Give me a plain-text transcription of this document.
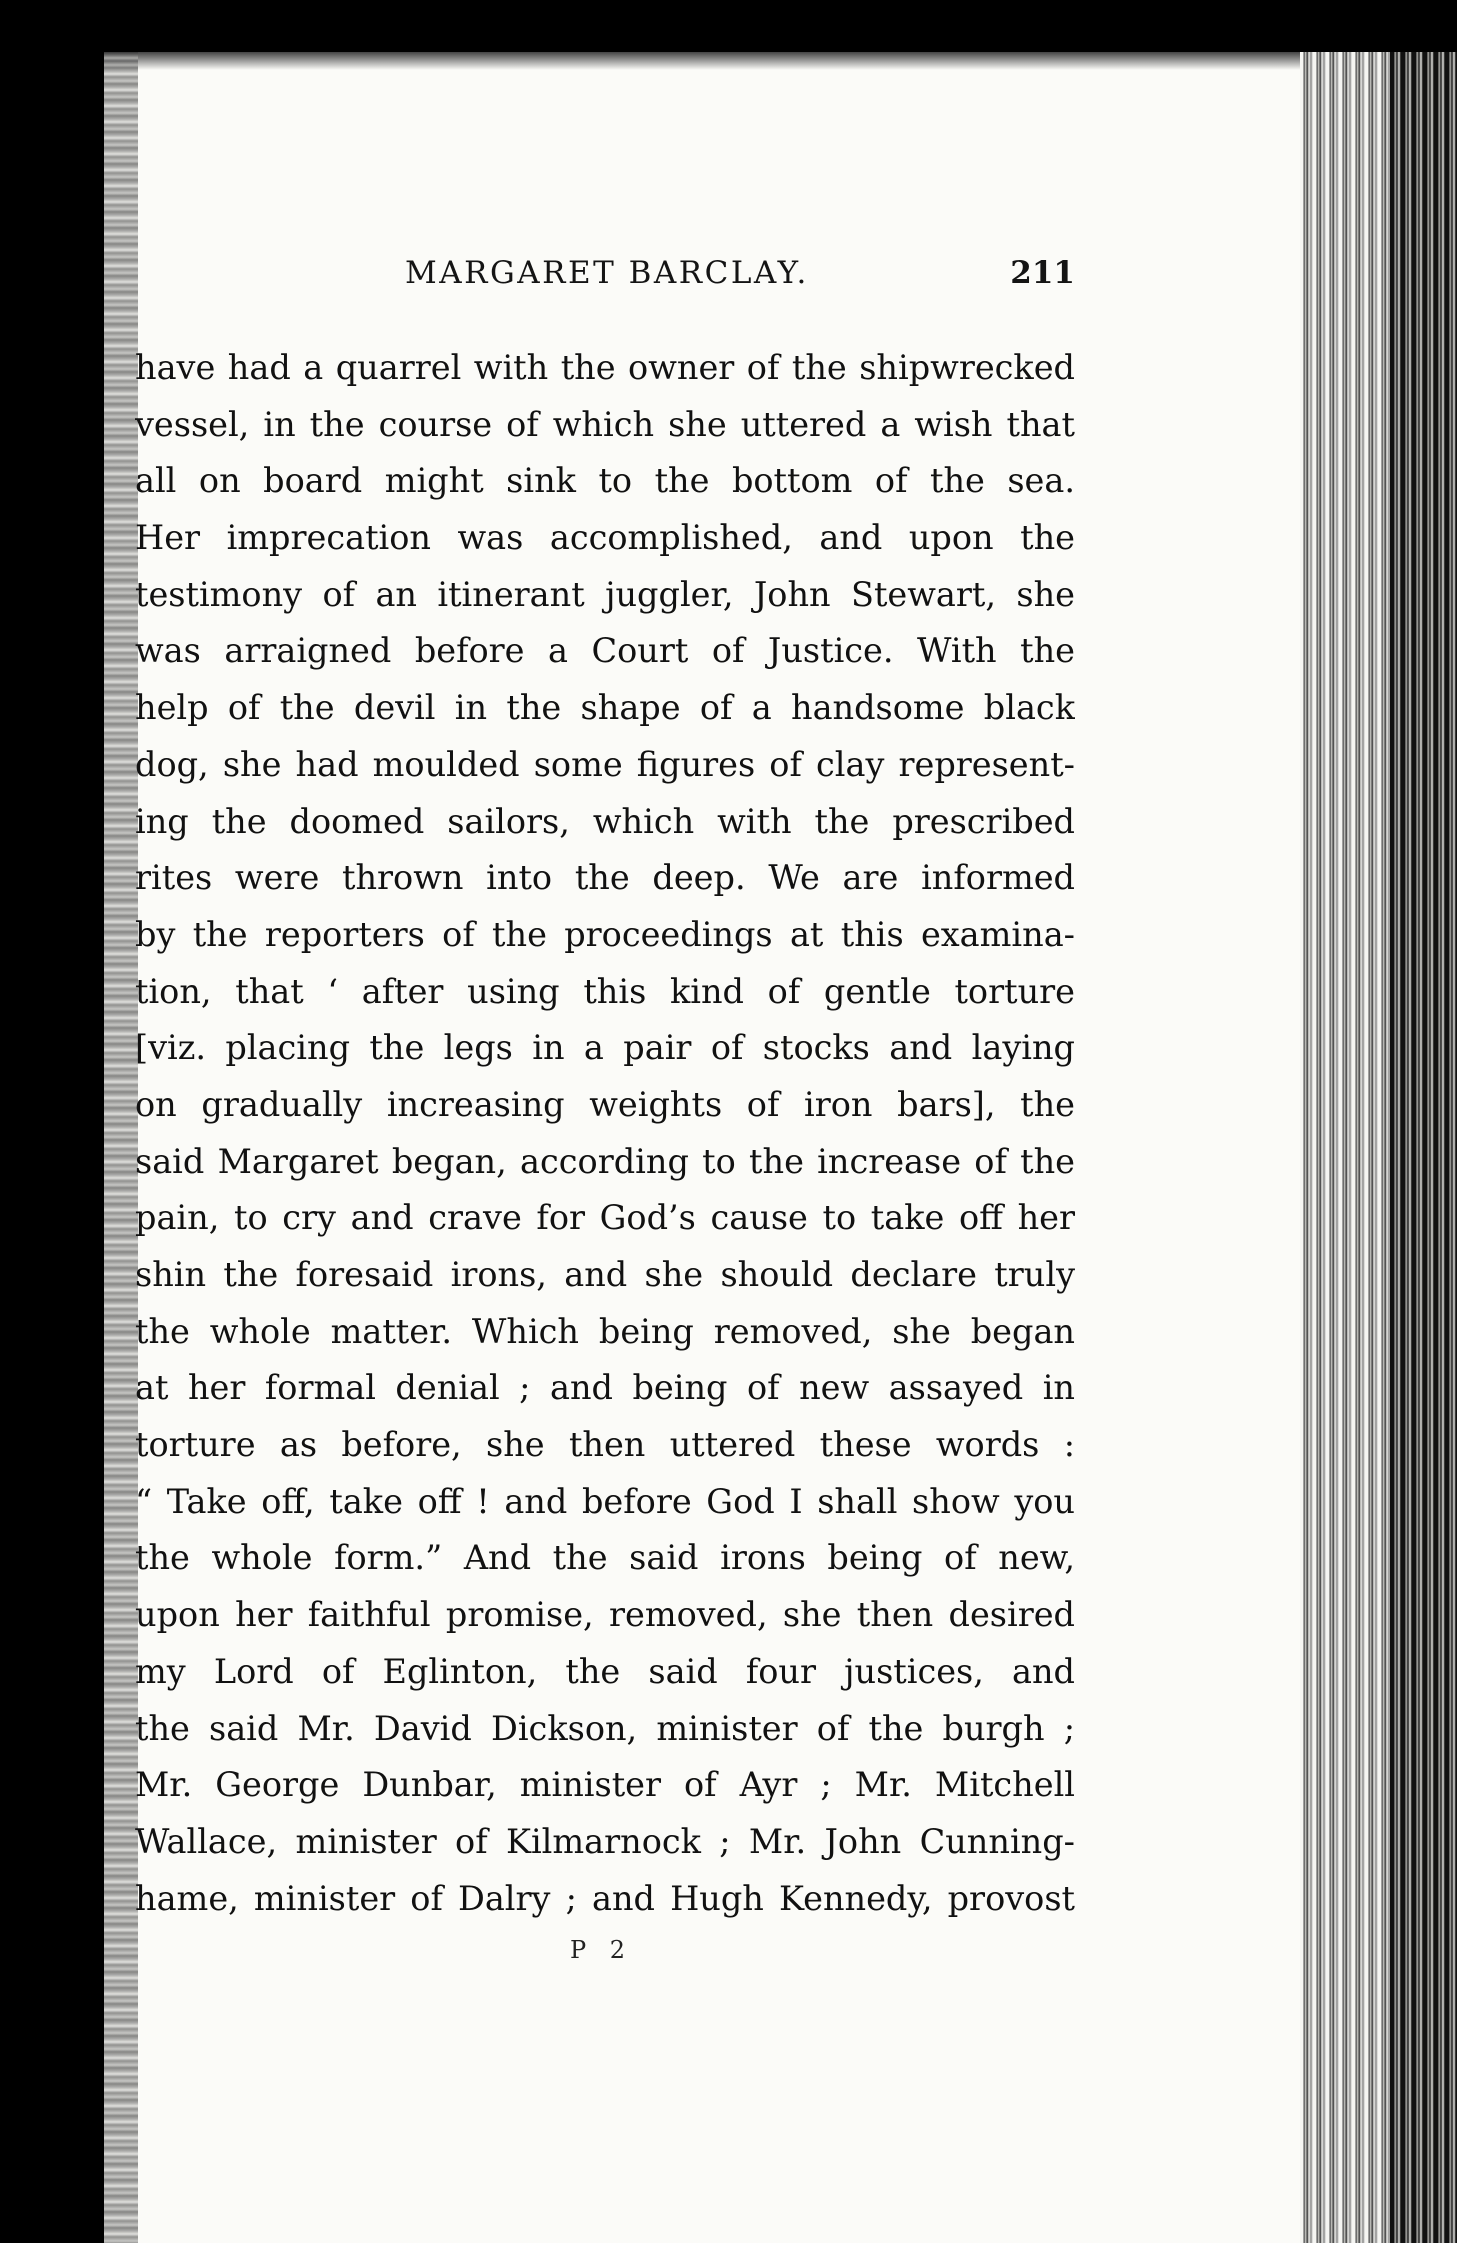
MARGARET BARCLAY.	211
have had a quarrel with the owner of the shipwrecked
vessel, in the course of which she uttered a wish that
all on board might sink to the bottom of the sea.
Her imprecation was accomplished, and upon the
testimony of an itinerant juggler, John Stewart, she
was arraigned before a Court of Justice. With the
help of the devil in the shape of a handsome black
dog, she had moulded some figures of clay represent-
ing the doomed sailors, which with the prescribed
rites were thrown into the deep. We are informed
by the reporters of the proceedings at this examina-
tion, that ‘ after using this kind of gentle torture
[viz. placing the legs in a pair of stocks and laying
on gradually increasing weights of iron bars], the
said Margaret began, according to the increase of the
pain, to cry and crave for God’s cause to take off her
shin the foresaid irons, and she should declare truly
the whole matter. Which being removed, she began
at her formal denial ; and being of new assayed in
torture as before, she then uttered these words :
“ Take off, take off ! and before God I shall show you
the whole form.” And the said irons being of new,
upon her faithful promise, removed, she then desired
my Lord of Eglinton, the said four justices, and
the said Mr. David Dickson, minister of the burgh ;
Mr. George Dunbar, minister of Ayr ; Mr. Mitchell
Wallace, minister of Kilmarnock ; Mr. John Cunning-
hame, minister of Dalry ; and Hugh Kennedy, provost
P 2
